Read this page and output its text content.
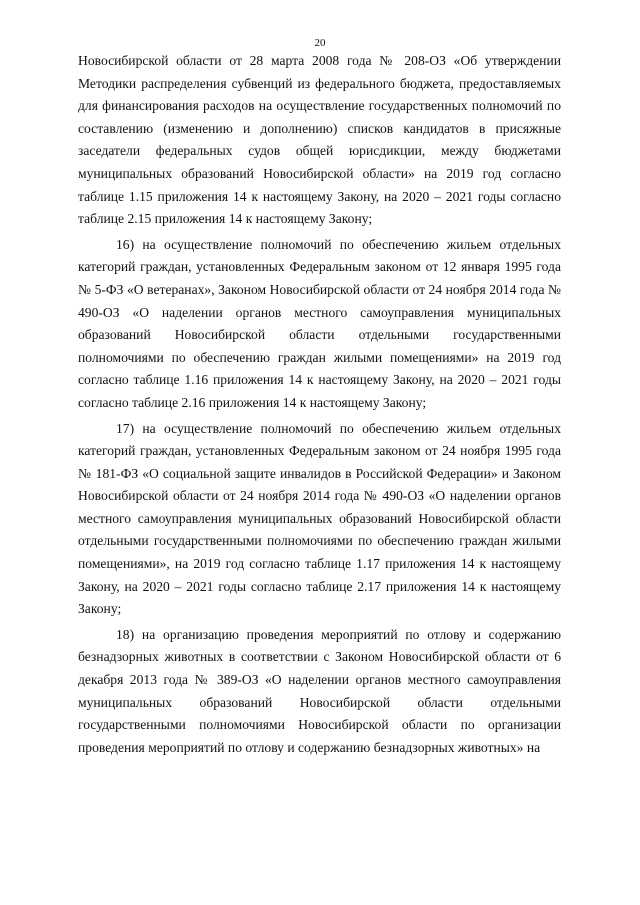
20

Новосибирской области от 28 марта 2008 года № 208-ОЗ «Об утверждении Методики распределения субвенций из федерального бюджета, предоставляемых для финансирования расходов на осуществление государственных полномочий по составлению (изменению и дополнению) списков кандидатов в присяжные заседатели федеральных судов общей юрисдикции, между бюджетами муниципальных образований Новосибирской области» на 2019 год согласно таблице 1.15 приложения 14 к настоящему Закону, на 2020 – 2021 годы согласно таблице 2.15 приложения 14 к настоящему Закону;

16) на осуществление полномочий по обеспечению жильем отдельных категорий граждан, установленных Федеральным законом от 12 января 1995 года № 5-ФЗ «О ветеранах», Законом Новосибирской области от 24 ноября 2014 года № 490-ОЗ «О наделении органов местного самоуправления муниципальных образований Новосибирской области отдельными государственными полномочиями по обеспечению граждан жилыми помещениями» на 2019 год согласно таблице 1.16 приложения 14 к настоящему Закону, на 2020 – 2021 годы согласно таблице 2.16 приложения 14 к настоящему Закону;

17) на осуществление полномочий по обеспечению жильем отдельных категорий граждан, установленных Федеральным законом от 24 ноября 1995 года № 181-ФЗ «О социальной защите инвалидов в Российской Федерации» и Законом Новосибирской области от 24 ноября 2014 года № 490-ОЗ «О наделении органов местного самоуправления муниципальных образований Новосибирской области отдельными государственными полномочиями по обеспечению граждан жилыми помещениями», на 2019 год согласно таблице 1.17 приложения 14 к настоящему Закону, на 2020 – 2021 годы согласно таблице 2.17 приложения 14 к настоящему Закону;

18) на организацию проведения мероприятий по отлову и содержанию безнадзорных животных в соответствии с Законом Новосибирской области от 6 декабря 2013 года № 389-ОЗ «О наделении органов местного самоуправления муниципальных образований Новосибирской области отдельными государственными полномочиями Новосибирской области по организации проведения мероприятий по отлову и содержанию безнадзорных животных» на
